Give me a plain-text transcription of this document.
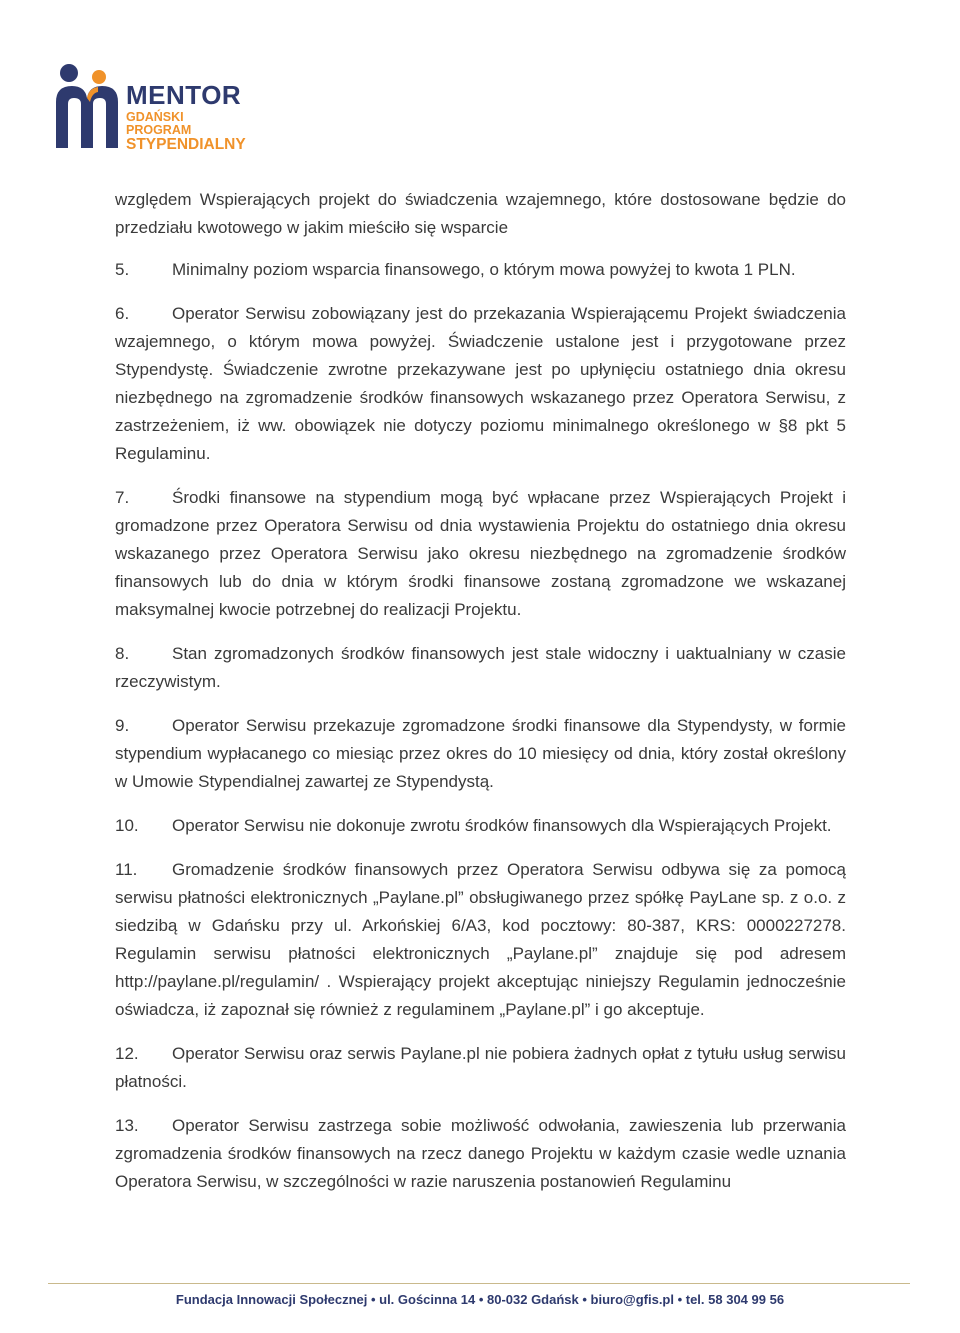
MENTOR
GDAŃSKI PROGRAM
STYPENDIALNY

względem Wspierających projekt do świadczenia wzajemnego, które dostosowane będzie do przedziału kwotowego w jakim mieściło się wsparcie

5.	Minimalny poziom wsparcia finansowego, o którym mowa powyżej to kwota 1 PLN.

6.	Operator Serwisu zobowiązany jest do przekazania Wspierającemu Projekt świadczenia wzajemnego, o którym mowa powyżej. Świadczenie ustalone jest i przygotowane przez Stypendystę. Świadczenie zwrotne przekazywane jest po upłynięciu ostatniego dnia okresu niezbędnego na zgromadzenie środków finansowych wskazanego przez Operatora Serwisu, z zastrzeżeniem, iż ww. obowiązek nie dotyczy poziomu minimalnego określonego w §8 pkt 5 Regulaminu.

7.	Środki finansowe na stypendium mogą być wpłacane przez Wspierających Projekt i gromadzone przez Operatora Serwisu od dnia wystawienia Projektu do ostatniego dnia okresu wskazanego przez Operatora Serwisu jako okresu niezbędnego na zgromadzenie środków finansowych lub do dnia w którym środki finansowe zostaną zgromadzone we wskazanej maksymalnej kwocie potrzebnej do realizacji Projektu.

8.	Stan zgromadzonych środków finansowych jest stale widoczny i uaktualniany w czasie rzeczywistym.

9.	Operator Serwisu przekazuje zgromadzone środki finansowe dla Stypendysty, w formie stypendium wypłacanego co miesiąc przez okres do 10 miesięcy od dnia, który został określony w Umowie Stypendialnej zawartej ze Stypendystą.

10. Operator Serwisu nie dokonuje zwrotu środków finansowych dla Wspierających Projekt.

11. Gromadzenie środków finansowych przez Operatora Serwisu odbywa się za pomocą serwisu płatności elektronicznych „Paylane.pl” obsługiwanego przez spółkę PayLane sp. z o.o. z siedzibą w Gdańsku przy ul. Arkońskiej 6/A3, kod pocztowy: 80-387, KRS: 0000227278. Regulamin serwisu płatności elektronicznych „Paylane.pl” znajduje się pod adresem http://paylane.pl/regulamin/ . Wspierający projekt akceptując niniejszy Regulamin jednocześnie oświadcza, iż zapoznał się również z regulaminem „Paylane.pl” i go akceptuje.

12. Operator Serwisu oraz serwis Paylane.pl nie pobiera żadnych opłat z tytułu usług serwisu płatności.

13. Operator Serwisu zastrzega sobie możliwość odwołania, zawieszenia lub przerwania zgromadzenia środków finansowych na rzecz danego Projektu w każdym czasie wedle uznania Operatora Serwisu, w szczególności w razie naruszenia postanowień Regulaminu

Fundacja Innowacji Społecznej • ul. Gościnna 14 • 80-032 Gdańsk • biuro@gfis.pl • tel. 58 304 99 56
